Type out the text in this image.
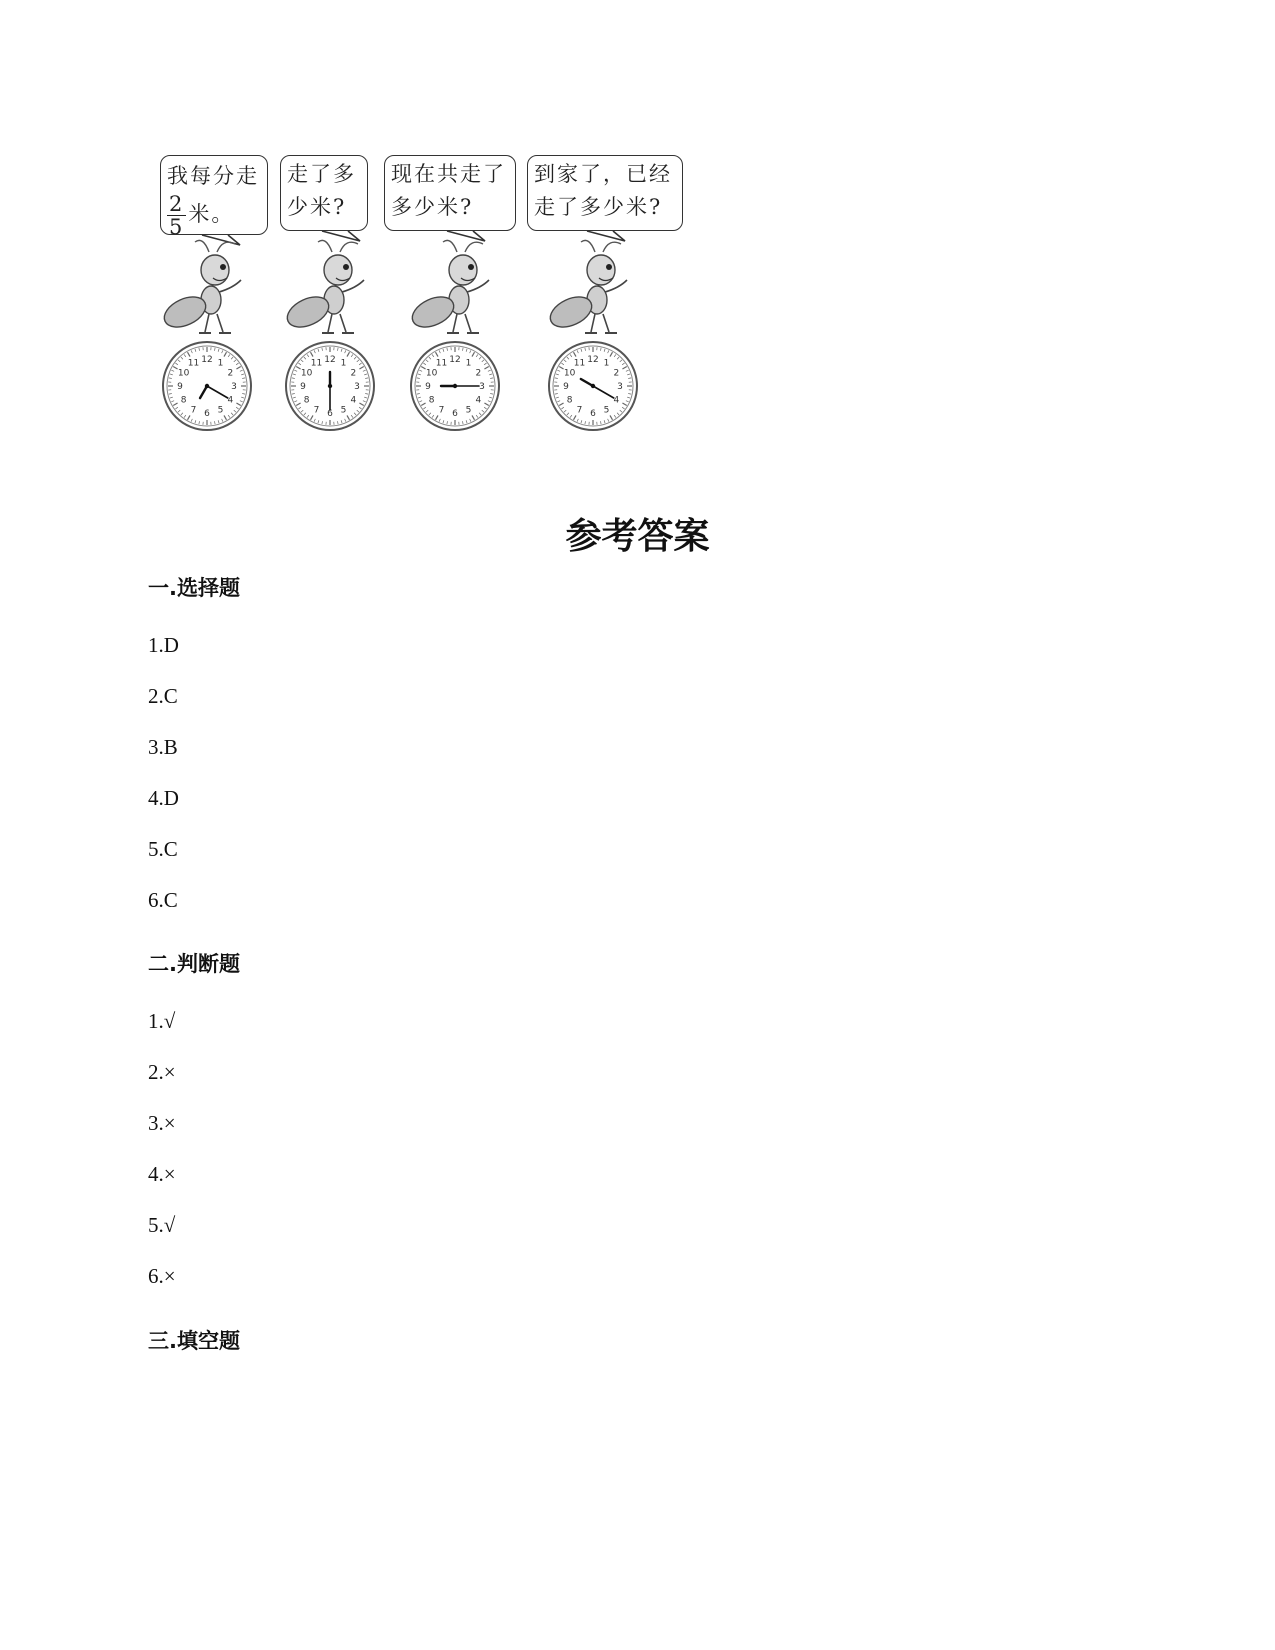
我每分走
$\frac{2}{5}$ 米。
走了多
少米?
现在共走了
多少米?
到家了，已经
走了多少米?
12 1
2
3
4
5
6
7
8
9
10
11	12 1
2
3
4
5
6
7
8
9
10
11	12 1
2
3
4
5
6
7
8
9
10
11	12 1
2
3
4
5
6
7
8
9
10
11
参考答案
一.选择题
1.D
2.C
3.B
4.D
5.C
6.C
二.判断题
1.√
2.×
3.×
4.×
5.√
6.×
三.填空题
